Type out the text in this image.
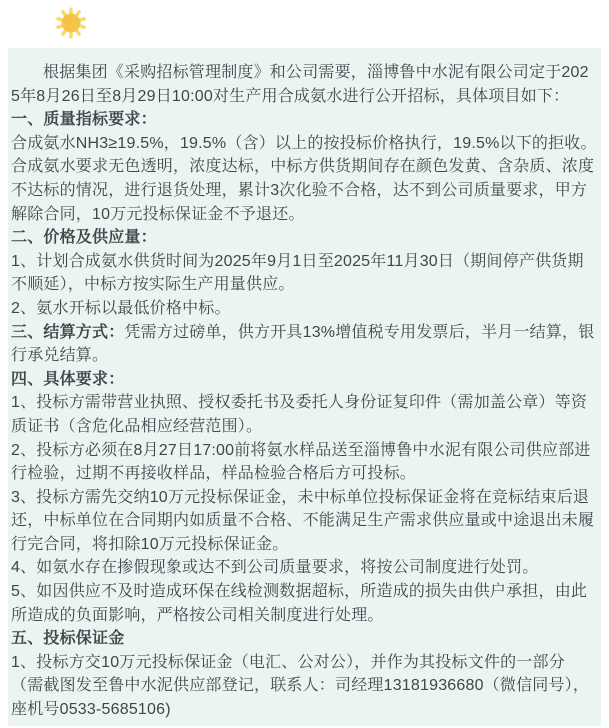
根据集团《采购招标管理制度》和公司需要，淄博鲁中水泥有限公司定于2025年8月26日至8月29日10:00对生产用合成氨水进行公开招标，具体项目如下：

一、质量指标要求：

合成氨水NH3≥19.5%，19.5%（含）以上的按投标价格执行，19.5%以下的拒收。

合成氨水要求无色透明，浓度达标，中标方供货期间存在颜色发黄、含杂质、浓度不达标的情况，进行退货处理，累计3次化验不合格，达不到公司质量要求，甲方解除合同，10万元投标保证金不予退还。

二、价格及供应量：

1、计划合成氨水供货时间为2025年9月1日至2025年11月30日（期间停产供货期不顺延），中标方按实际生产用量供应。

2、氨水开标以最低价格中标。

三、结算方式：凭需方过磅单，供方开具13%增值税专用发票后，半月一结算，银行承兑结算。

四、具体要求：

1、投标方需带营业执照、授权委托书及委托人身份证复印件（需加盖公章）等资质证书（含危化品相应经营范围）。

2、投标方必须在8月27日17:00前将氨水样品送至淄博鲁中水泥有限公司供应部进行检验，过期不再接收样品，样品检验合格后方可投标。

3、投标方需先交纳10万元投标保证金，未中标单位投标保证金将在竞标结束后退还，中标单位在合同期内如质量不合格、不能满足生产需求供应量或中途退出未履行完合同，将扣除10万元投标保证金。

4、如氨水存在掺假现象或达不到公司质量要求，将按公司制度进行处罚。

5、如因供应不及时造成环保在线检测数据超标，所造成的损失由供户承担，由此所造成的负面影响，严格按公司相关制度进行处理。

五、投标保证金

1、投标方交10万元投标保证金（电汇、公对公），并作为其投标文件的一部分（需截图发至鲁中水泥供应部登记，联系人：司经理13181936680（微信同号），座机号0533-5685106)
